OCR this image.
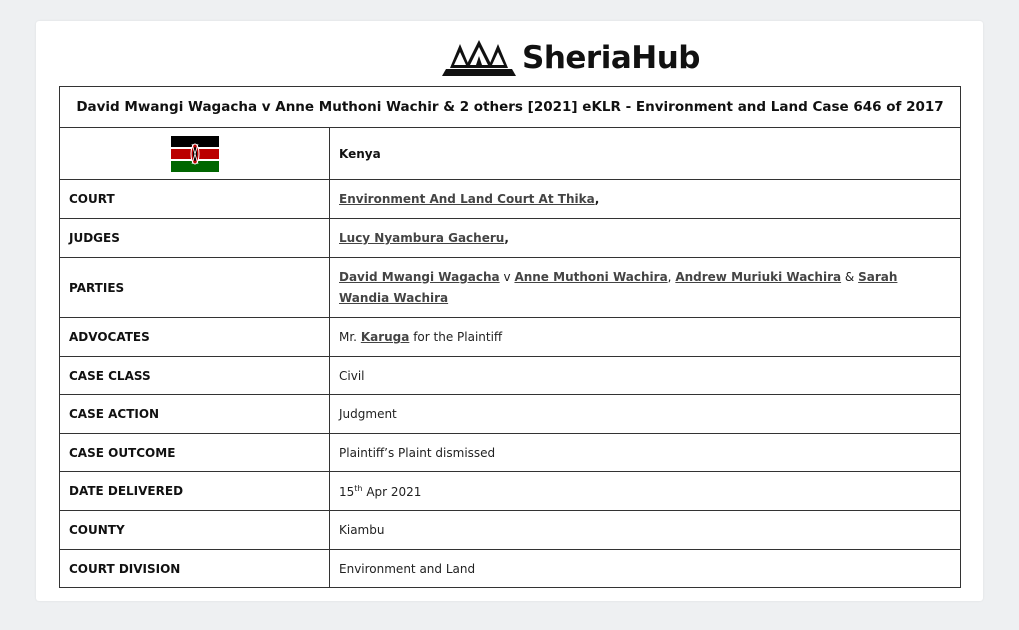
SheriaHub
David Mwangi Wagacha v Anne Muthoni Wachir & 2 others [2021] eKLR - Environment and Land Case 646 of 2017	

	Kenya
COURT	Environment And Land Court At Thika,
JUDGES	Lucy Nyambura Gacheru,
PARTIES	David Mwangi Wagacha v Anne Muthoni Wachira, Andrew Muriuki Wachira & Sarah Wandia Wachira
ADVOCATES	Mr. Karuga for the Plaintiff
CASE CLASS	Civil
CASE ACTION	Judgment
CASE OUTCOME	Plaintiff’s Plaint dismissed
DATE DELIVERED	15th Apr 2021
COUNTY	Kiambu
COURT DIVISION	Environment and Land
